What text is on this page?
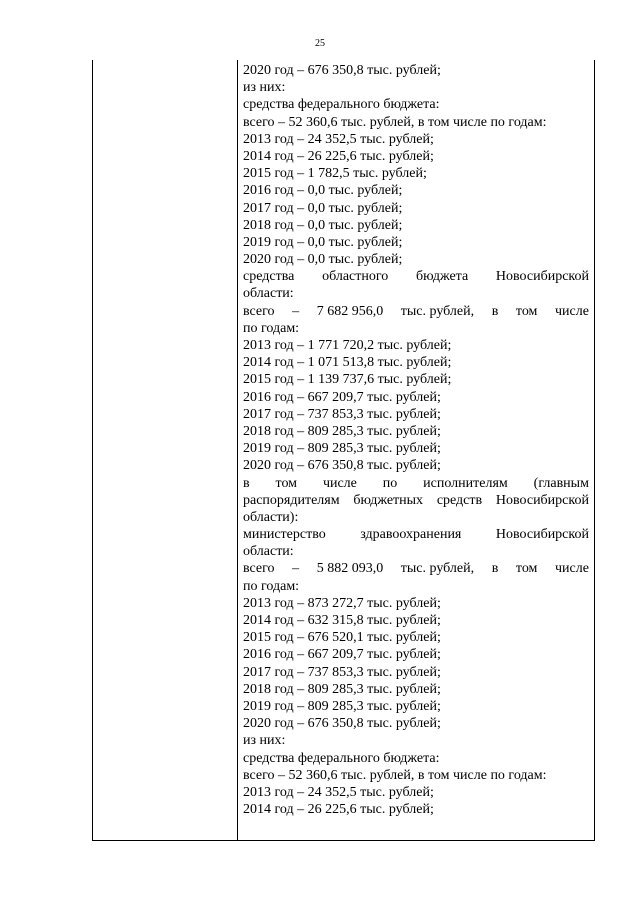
25
2020 год – 676 350,8 тыс. рублей;
из них:
средства федерального бюджета:
всего – 52 360,6 тыс. рублей, в том числе по годам:
2013 год – 24 352,5 тыс. рублей;
2014 год – 26 225,6 тыс. рублей;
2015 год – 1 782,5 тыс. рублей;
2016 год – 0,0 тыс. рублей;
2017 год – 0,0 тыс. рублей;
2018 год – 0,0 тыс. рублей;
2019 год – 0,0 тыс. рублей;
2020 год – 0,0 тыс. рублей;
средства областного бюджета Новосибирской
области:
всего – 7 682 956,0 тыс. рублей, в том числе
по годам:
2013 год – 1 771 720,2 тыс. рублей;
2014 год – 1 071 513,8 тыс. рублей;
2015 год – 1 139 737,6 тыс. рублей;
2016 год – 667 209,7 тыс. рублей;
2017 год – 737 853,3 тыс. рублей;
2018 год – 809 285,3 тыс. рублей;
2019 год – 809 285,3 тыс. рублей;
2020 год – 676 350,8 тыс. рублей;
в том числе по исполнителям (главным
распорядителям бюджетных средств Новосибирской
области):
министерство здравоохранения Новосибирской
области:
всего – 5 882 093,0 тыс. рублей, в том числе
по годам:
2013 год – 873 272,7 тыс. рублей;
2014 год – 632 315,8 тыс. рублей;
2015 год – 676 520,1 тыс. рублей;
2016 год – 667 209,7 тыс. рублей;
2017 год – 737 853,3 тыс. рублей;
2018 год – 809 285,3 тыс. рублей;
2019 год – 809 285,3 тыс. рублей;
2020 год – 676 350,8 тыс. рублей;
из них:
средства федерального бюджета:
всего – 52 360,6 тыс. рублей, в том числе по годам:
2013 год – 24 352,5 тыс. рублей;
2014 год – 26 225,6 тыс. рублей;
